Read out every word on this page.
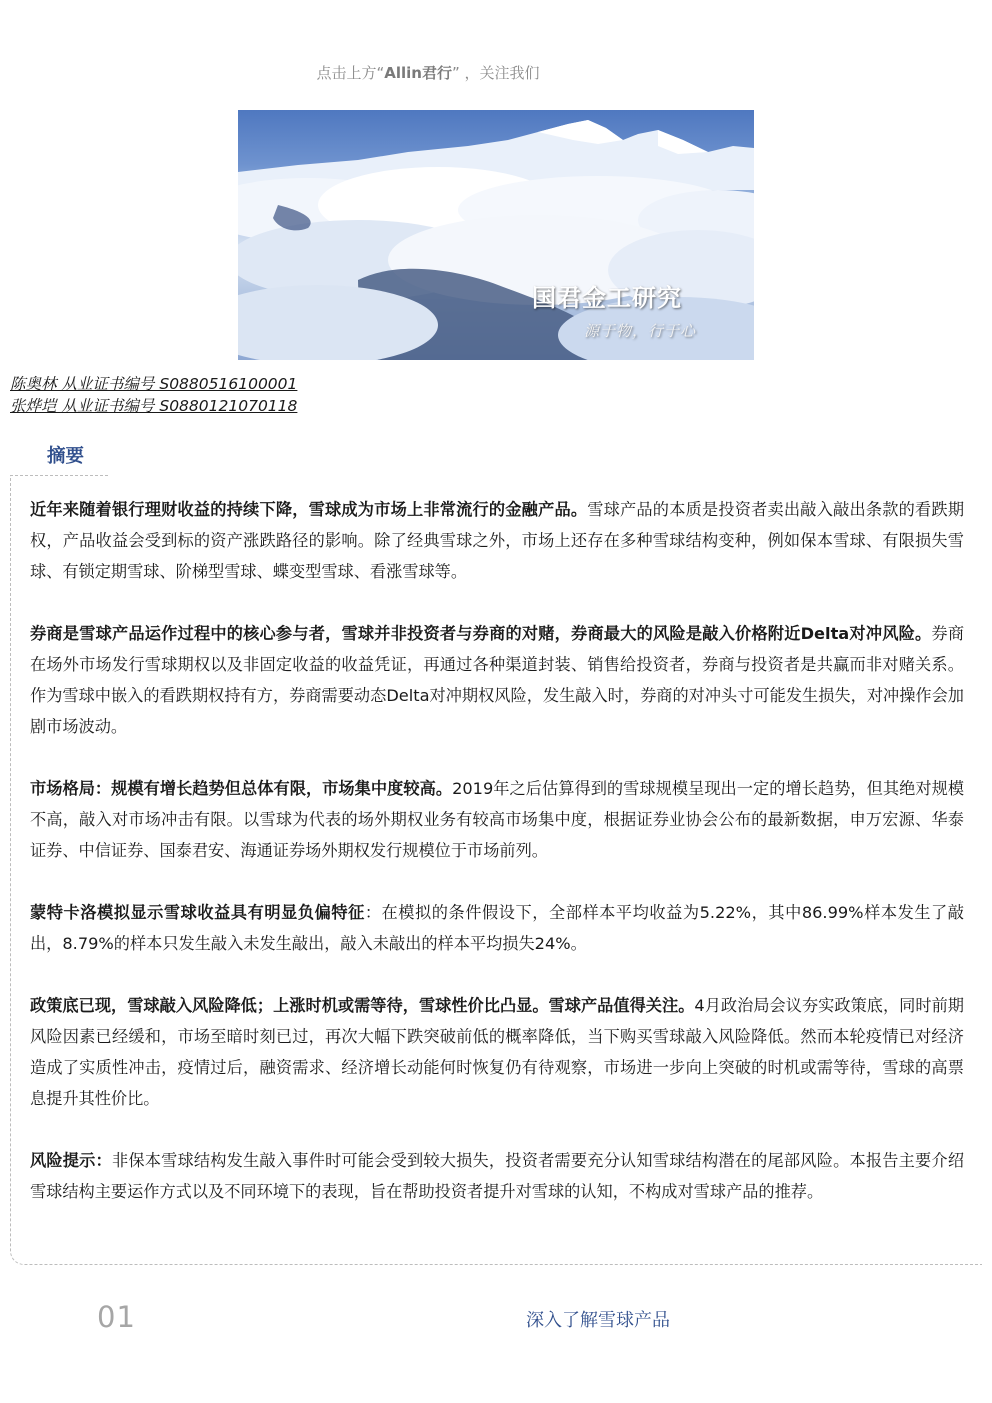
点击上方“Allin君行” ，关注我们
国君金工研究
源于物，行于心
陈奥林 从业证书编号 S0880516100001
张烨垲 从业证书编号 S0880121070118
摘要

近年来随着银行理财收益的持续下降，雪球成为市场上非常流行的金融产品。雪球产品的本质是投资者卖出敲入敲出条款的看跌期权，产品收益会受到标的资产涨跌路径的影响。除了经典雪球之外，市场上还存在多种雪球结构变种，例如保本雪球、有限损失雪球、有锁定期雪球、阶梯型雪球、蝶变型雪球、看涨雪球等。

券商是雪球产品运作过程中的核心参与者，雪球并非投资者与券商的对赌，券商最大的风险是敲入价格附近Delta对冲风险。券商在场外市场发行雪球期权以及非固定收益的收益凭证，再通过各种渠道封装、销售给投资者，券商与投资者是共赢而非对赌关系。作为雪球中嵌入的看跌期权持有方，券商需要动态Delta对冲期权风险，发生敲入时，券商的对冲头寸可能发生损失，对冲操作会加剧市场波动。

市场格局：规模有增长趋势但总体有限，市场集中度较高。2019年之后估算得到的雪球规模呈现出一定的增长趋势，但其绝对规模不高，敲入对市场冲击有限。以雪球为代表的场外期权业务有较高市场集中度，根据证券业协会公布的最新数据，申万宏源、华泰证券、中信证券、国泰君安、海通证券场外期权发行规模位于市场前列。

蒙特卡洛模拟显示雪球收益具有明显负偏特征：在模拟的条件假设下，全部样本平均收益为5.22%，其中86.99%样本发生了敲出，8.79%的样本只发生敲入未发生敲出，敲入未敲出的样本平均损失24%。

政策底已现，雪球敲入风险降低；上涨时机或需等待，雪球性价比凸显。雪球产品值得关注。4月政治局会议夯实政策底，同时前期风险因素已经缓和，市场至暗时刻已过，再次大幅下跌突破前低的概率降低，当下购买雪球敲入风险降低。然而本轮疫情已对经济造成了实质性冲击，疫情过后，融资需求、经济增长动能何时恢复仍有待观察，市场进一步向上突破的时机或需等待，雪球的高票息提升其性价比。

风险提示：非保本雪球结构发生敲入事件时可能会受到较大损失，投资者需要充分认知雪球结构潜在的尾部风险。本报告主要介绍雪球结构主要运作方式以及不同环境下的表现，旨在帮助投资者提升对雪球的认知，不构成对雪球产品的推荐。

01	深入了解雪球产品
